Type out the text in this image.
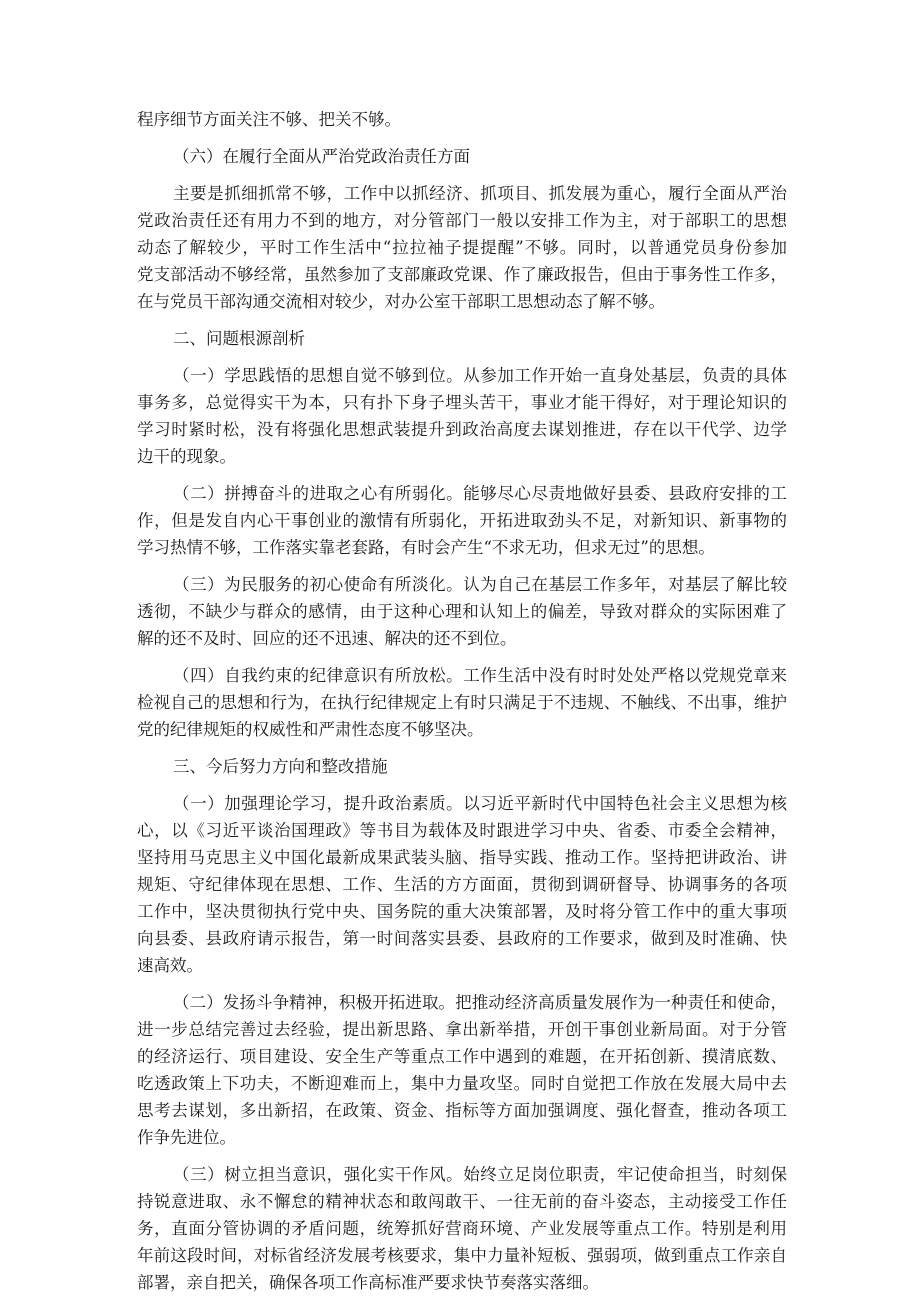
程序细节方面关注不够、把关不够。
（六）在履行全面从严治党政治责任方面
主要是抓细抓常不够，工作中以抓经济、抓项目、抓发展为重心，履行全面从严治
党政治责任还有用力不到的地方，对分管部门一般以安排工作为主，对于部职工的思想
动态了解较少，平时工作生活中“拉拉袖子提提醒”不够。同时，以普通党员身份参加
党支部活动不够经常，虽然参加了支部廉政党课、作了廉政报告，但由于事务性工作多，
在与党员干部沟通交流相对较少，对办公室干部职工思想动态了解不够。
二、问题根源剖析
（一）学思践悟的思想自觉不够到位。从参加工作开始一直身处基层，负责的具体
事务多，总觉得实干为本，只有扑下身子埋头苦干，事业才能干得好，对于理论知识的
学习时紧时松，没有将强化思想武装提升到政治高度去谋划推进，存在以干代学、边学
边干的现象。
（二）拼搏奋斗的进取之心有所弱化。能够尽心尽责地做好县委、县政府安排的工
作，但是发自内心干事创业的激情有所弱化，开拓进取劲头不足，对新知识、新事物的
学习热情不够，工作落实靠老套路，有时会产生“不求无功，但求无过”的思想。
（三）为民服务的初心使命有所淡化。认为自己在基层工作多年，对基层了解比较
透彻，不缺少与群众的感情，由于这种心理和认知上的偏差，导致对群众的实际困难了
解的还不及时、回应的还不迅速、解决的还不到位。
（四）自我约束的纪律意识有所放松。工作生活中没有时时处处严格以党规党章来
检视自己的思想和行为，在执行纪律规定上有时只满足于不违规、不触线、不出事，维护
党的纪律规矩的权威性和严肃性态度不够坚决。
三、今后努力方向和整改措施
（一）加强理论学习，提升政治素质。以习近平新时代中国特色社会主义思想为核
心，以《习近平谈治国理政》等书目为载体及时跟进学习中央、省委、市委全会精神，
坚持用马克思主义中国化最新成果武装头脑、指导实践、推动工作。坚持把讲政治、讲
规矩、守纪律体现在思想、工作、生活的方方面面，贯彻到调研督导、协调事务的各项
工作中，坚决贯彻执行党中央、国务院的重大决策部署，及时将分管工作中的重大事项
向县委、县政府请示报告，第一时间落实县委、县政府的工作要求，做到及时准确、快
速高效。
（二）发扬斗争精神，积极开拓进取。把推动经济高质量发展作为一种责任和使命，
进一步总结完善过去经验，提出新思路、拿出新举措，开创干事创业新局面。对于分管
的经济运行、项目建设、安全生产等重点工作中遇到的难题，在开拓创新、摸清底数、
吃透政策上下功夫，不断迎难而上，集中力量攻坚。同时自觉把工作放在发展大局中去
思考去谋划，多出新招，在政策、资金、指标等方面加强调度、强化督查，推动各项工
作争先进位。
（三）树立担当意识，强化实干作风。始终立足岗位职责，牢记使命担当，时刻保
持锐意进取、永不懈怠的精神状态和敢闯敢干、一往无前的奋斗姿态，主动接受工作任
务，直面分管协调的矛盾问题，统筹抓好营商环境、产业发展等重点工作。特别是利用
年前这段时间，对标省经济发展考核要求，集中力量补短板、强弱项，做到重点工作亲自
部署，亲自把关，确保各项工作高标准严要求快节奏落实落细。
